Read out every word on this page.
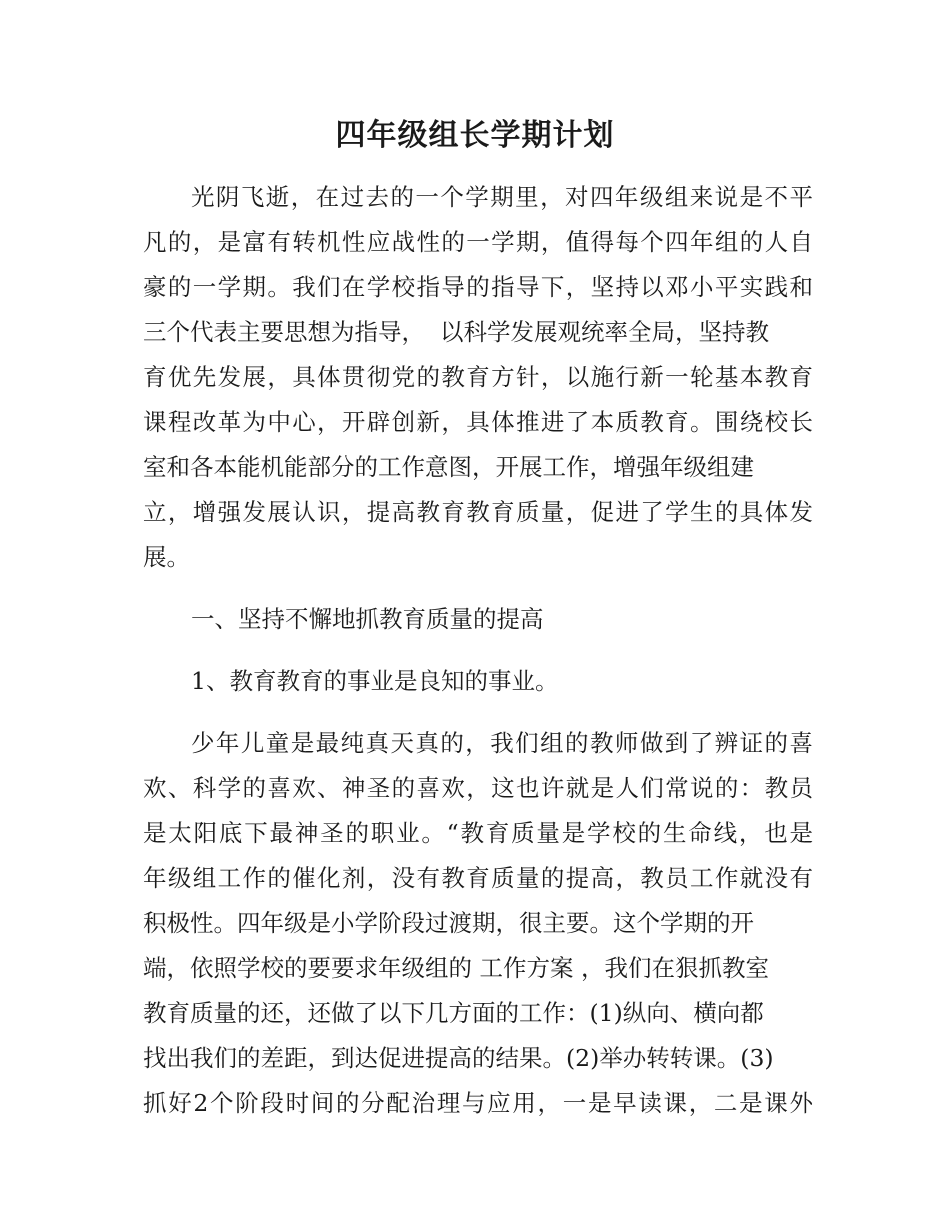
四年级组长学期计划
光阴飞逝，在过去的一个学期里，对四年级组来说是不平
凡的，是富有转机性应战性的一学期，值得每个四年组的人自
豪的一学期。我们在学校指导的指导下，坚持以邓小平实践和
三个代表主要思想为指导，  以科学发展观统率全局，坚持教
育优先发展，具体贯彻党的教育方针，以施行新一轮基本教育
课程改革为中心，开辟创新，具体推进了本质教育。围绕校长
室和各本能机能部分的工作意图，开展工作，增强年级组建
立，增强发展认识，提高教育教育质量，促进了学生的具体发
展。
一、坚持不懈地抓教育质量的提高
1、教育教育的事业是良知的事业。
少年儿童是最纯真天真的，我们组的教师做到了辨证的喜
欢、科学的喜欢、神圣的喜欢，这也许就是人们常说的：教员
是太阳底下最神圣的职业。“教育质量是学校的生命线，也是
年级组工作的催化剂，没有教育质量的提高，教员工作就没有
积极性。四年级是小学阶段过渡期，很主要。这个学期的开
端，依照学校的要要求年级组的 工作方案 ，我们在狠抓教室
教育质量的还，还做了以下几方面的工作：(1)纵向、横向都
找出我们的差距，到达促进提高的结果。(2)举办转转课。(3)
抓好2个阶段时间的分配治理与应用，一是早读课，二是课外
